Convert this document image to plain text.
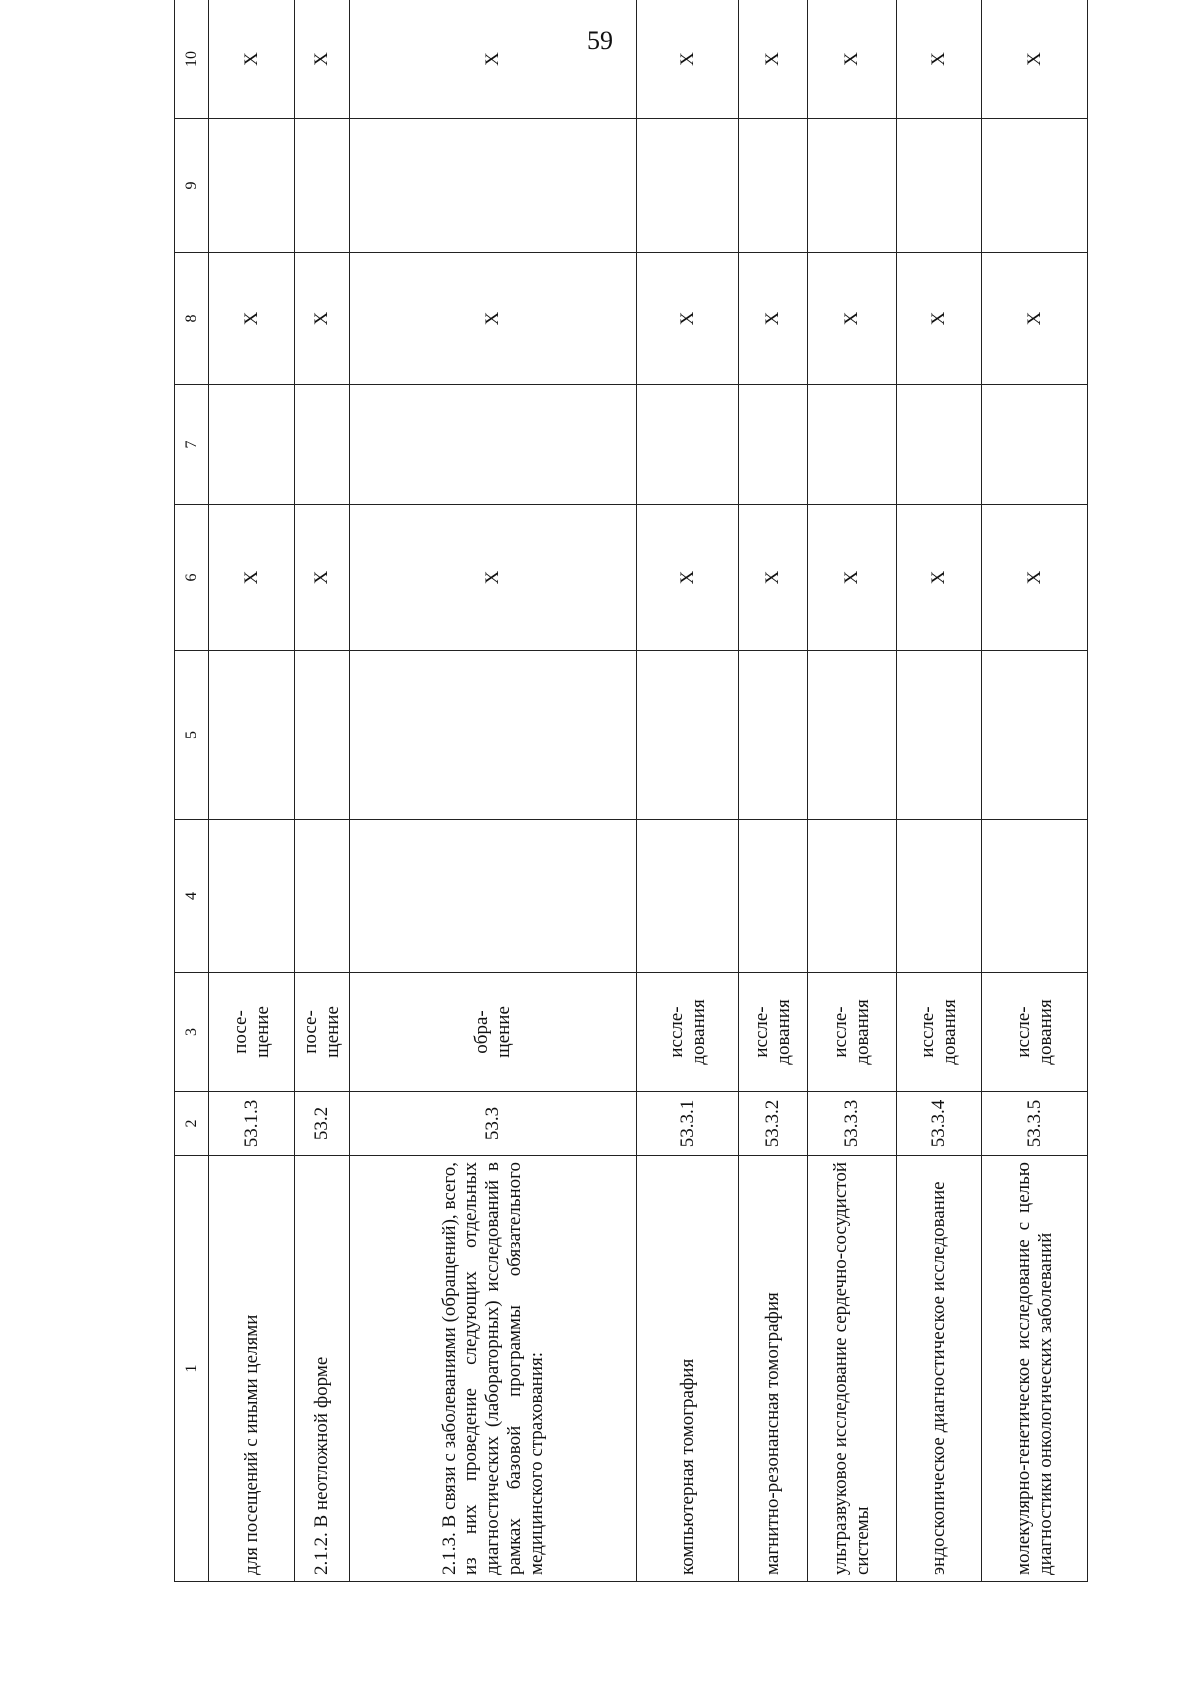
59
1	2	3	4	5	6	7	8	9	10
для посещений с иными целями	53.1.3	посе-
щение			X		X		X
2.1.2. В неотложной форме	53.2	посе-
щение			X		X		X
2.1.3. В связи с заболеваниями (обращений), всего, из них проведение следующих отдельных диагностических (лабораторных) исследований в рамках базовой программы обязательного медицинского страхования:	53.3	обра-
щение			X		X		X
компьютерная томография	53.3.1	иссле-
дования			X		X		X
магнитно-резонансная томография	53.3.2	иссле-
дования			X		X		X
ультразвуковое исследование сердечно-сосудистой системы	53.3.3	иссле-
дования			X		X		X
эндоскопическое диагностическое исследование	53.3.4	иссле-
дования			X		X		X
молекулярно-генетическое исследование с целью диагностики онкологических заболеваний	53.3.5	иссле-
дования			X		X		X
